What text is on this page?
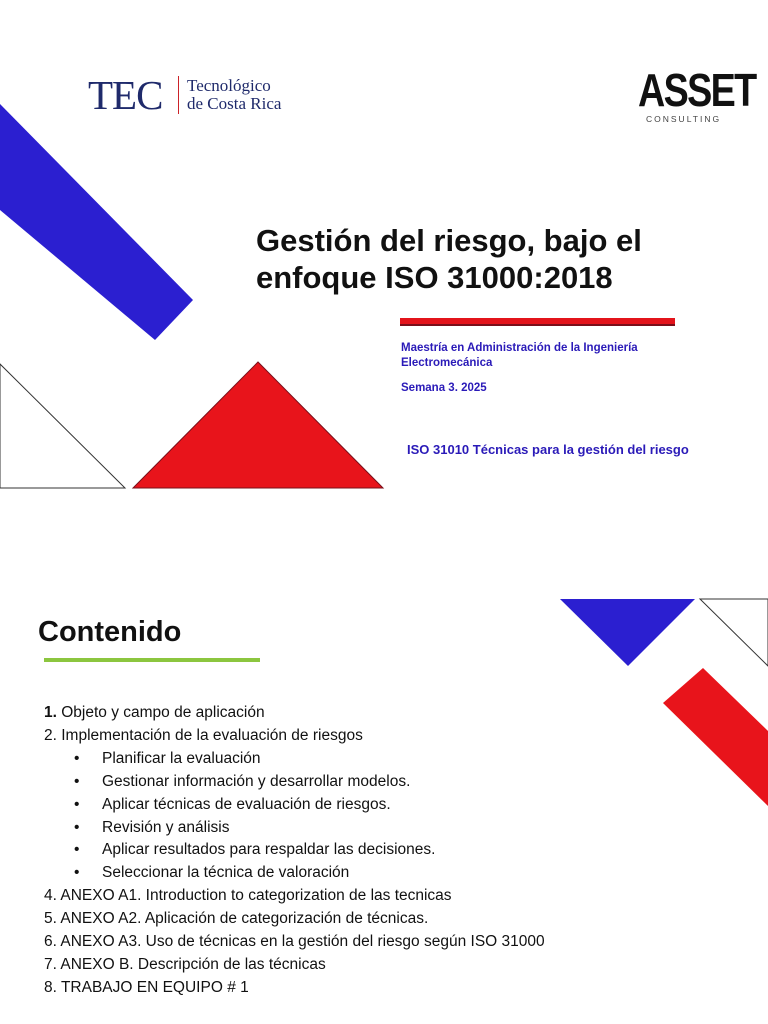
TEC Tecnológico
de Costa Rica	ASSET
CONSULTING
Gestión del riesgo, bajo el
enfoque ISO 31000:2018
Maestría en Administración de la Ingeniería
Electromecánica
Semana 3. 2025
ISO 31010 Técnicas para la gestión del riesgo
Contenido
1. Objeto y campo de aplicación
2. Implementación de la evaluación de riesgos
• Planificar la evaluación
• Gestionar información y desarrollar modelos.
• Aplicar técnicas de evaluación de riesgos.
• Revisión y análisis
• Aplicar resultados para respaldar las decisiones.
• Seleccionar la técnica de valoración
4. ANEXO A1. Introduction to categorization de las tecnicas
5. ANEXO A2. Aplicación de categorización de técnicas.
6. ANEXO A3. Uso de técnicas en la gestión del riesgo según ISO 31000
7. ANEXO B. Descripción de las técnicas
8. TRABAJO EN EQUIPO # 1
